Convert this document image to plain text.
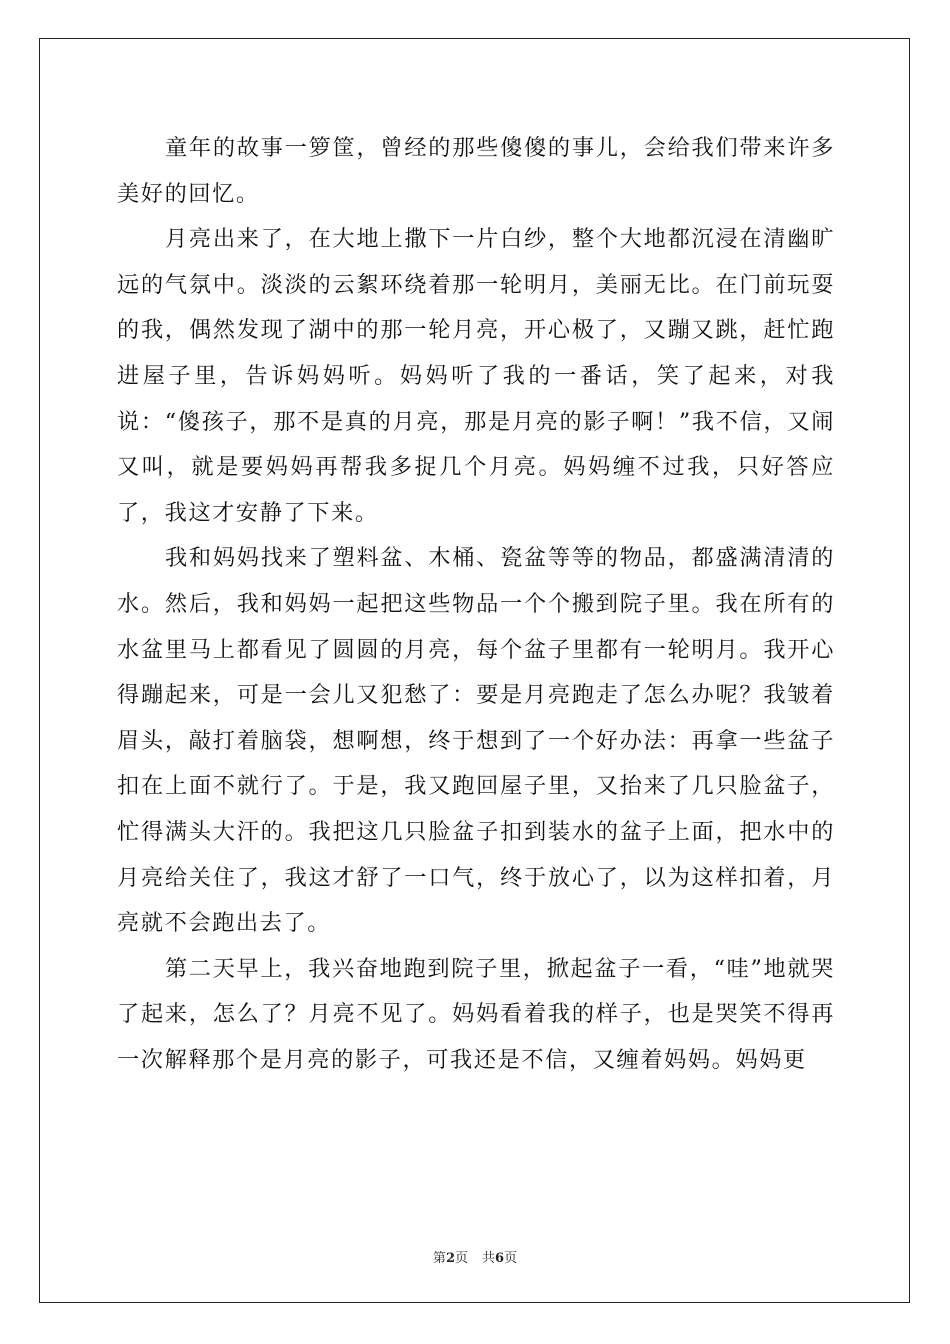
童年的故事一箩筐，曾经的那些傻傻的事儿，会给我们带来许多美好的回忆。

月亮出来了，在大地上撒下一片白纱，整个大地都沉浸在清幽旷远的气氛中。淡淡的云絮环绕着那一轮明月，美丽无比。在门前玩耍的我，偶然发现了湖中的那一轮月亮，开心极了，又蹦又跳，赶忙跑进屋子里，告诉妈妈听。妈妈听了我的一番话，笑了起来，对我说：“傻孩子，那不是真的月亮，那是月亮的影子啊！”我不信，又闹又叫，就是要妈妈再帮我多捉几个月亮。妈妈缠不过我，只好答应了，我这才安静了下来。

我和妈妈找来了塑料盆、木桶、瓷盆等等的物品，都盛满清清的水。然后，我和妈妈一起把这些物品一个个搬到院子里。我在所有的水盆里马上都看见了圆圆的月亮，每个盆子里都有一轮明月。我开心得蹦起来，可是一会儿又犯愁了：要是月亮跑走了怎么办呢？我皱着眉头，敲打着脑袋，想啊想，终于想到了一个好办法：再拿一些盆子扣在上面不就行了。于是，我又跑回屋子里，又抬来了几只脸盆子，忙得满头大汗的。我把这几只脸盆子扣到装水的盆子上面，把水中的月亮给关住了，我这才舒了一口气，终于放心了，以为这样扣着，月亮就不会跑出去了。

第二天早上，我兴奋地跑到院子里，掀起盆子一看，“哇”地就哭了起来，怎么了？月亮不见了。妈妈看着我的样子，也是哭笑不得再一次解释那个是月亮的影子，可我还是不信，又缠着妈妈。妈妈更

第2页 共6页
